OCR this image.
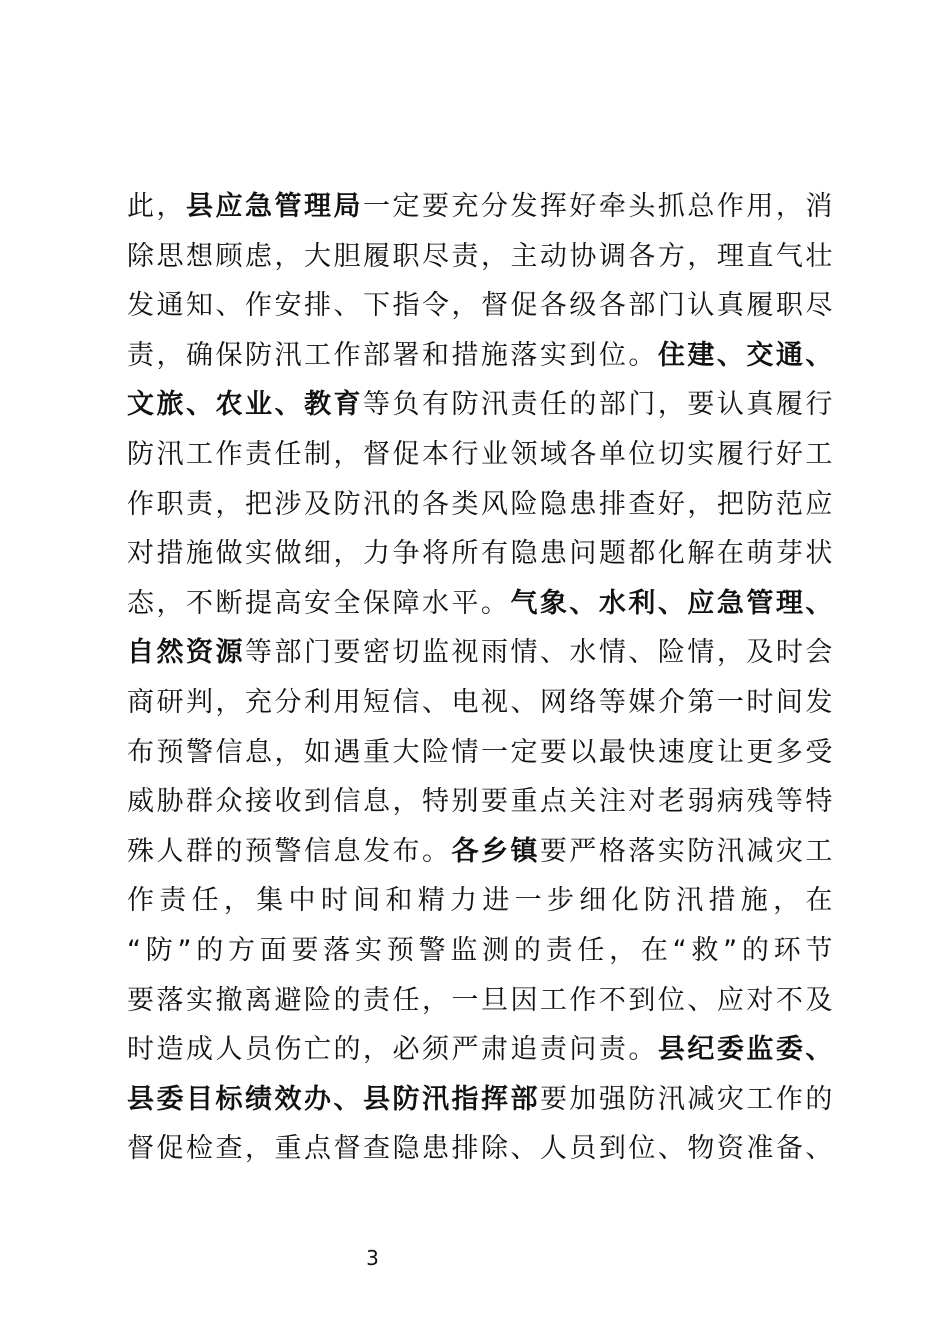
此，县应急管理局一定要充分发挥好牵头抓总作用，消
除思想顾虑，大胆履职尽责，主动协调各方，理直气壮
发通知、作安排、下指令，督促各级各部门认真履职尽
责，确保防汛工作部署和措施落实到位。住建、交通、
文旅、农业、教育等负有防汛责任的部门，要认真履行
防汛工作责任制，督促本行业领域各单位切实履行好工
作职责，把涉及防汛的各类风险隐患排查好，把防范应
对措施做实做细，力争将所有隐患问题都化解在萌芽状
态，不断提高安全保障水平。气象、水利、应急管理、
自然资源等部门要密切监视雨情、水情、险情，及时会
商研判，充分利用短信、电视、网络等媒介第一时间发
布预警信息，如遇重大险情一定要以最快速度让更多受
威胁群众接收到信息，特别要重点关注对老弱病残等特
殊人群的预警信息发布。各乡镇要严格落实防汛减灾工
作责任，集中时间和精力进一步细化防汛措施，在
“防”的方面要落实预警监测的责任，在“救”的环节
要落实撤离避险的责任，一旦因工作不到位、应对不及
时造成人员伤亡的，必须严肃追责问责。县纪委监委、
县委目标绩效办、县防汛指挥部要加强防汛减灾工作的
督促检查，重点督查隐患排除、人员到位、物资准备、
3
